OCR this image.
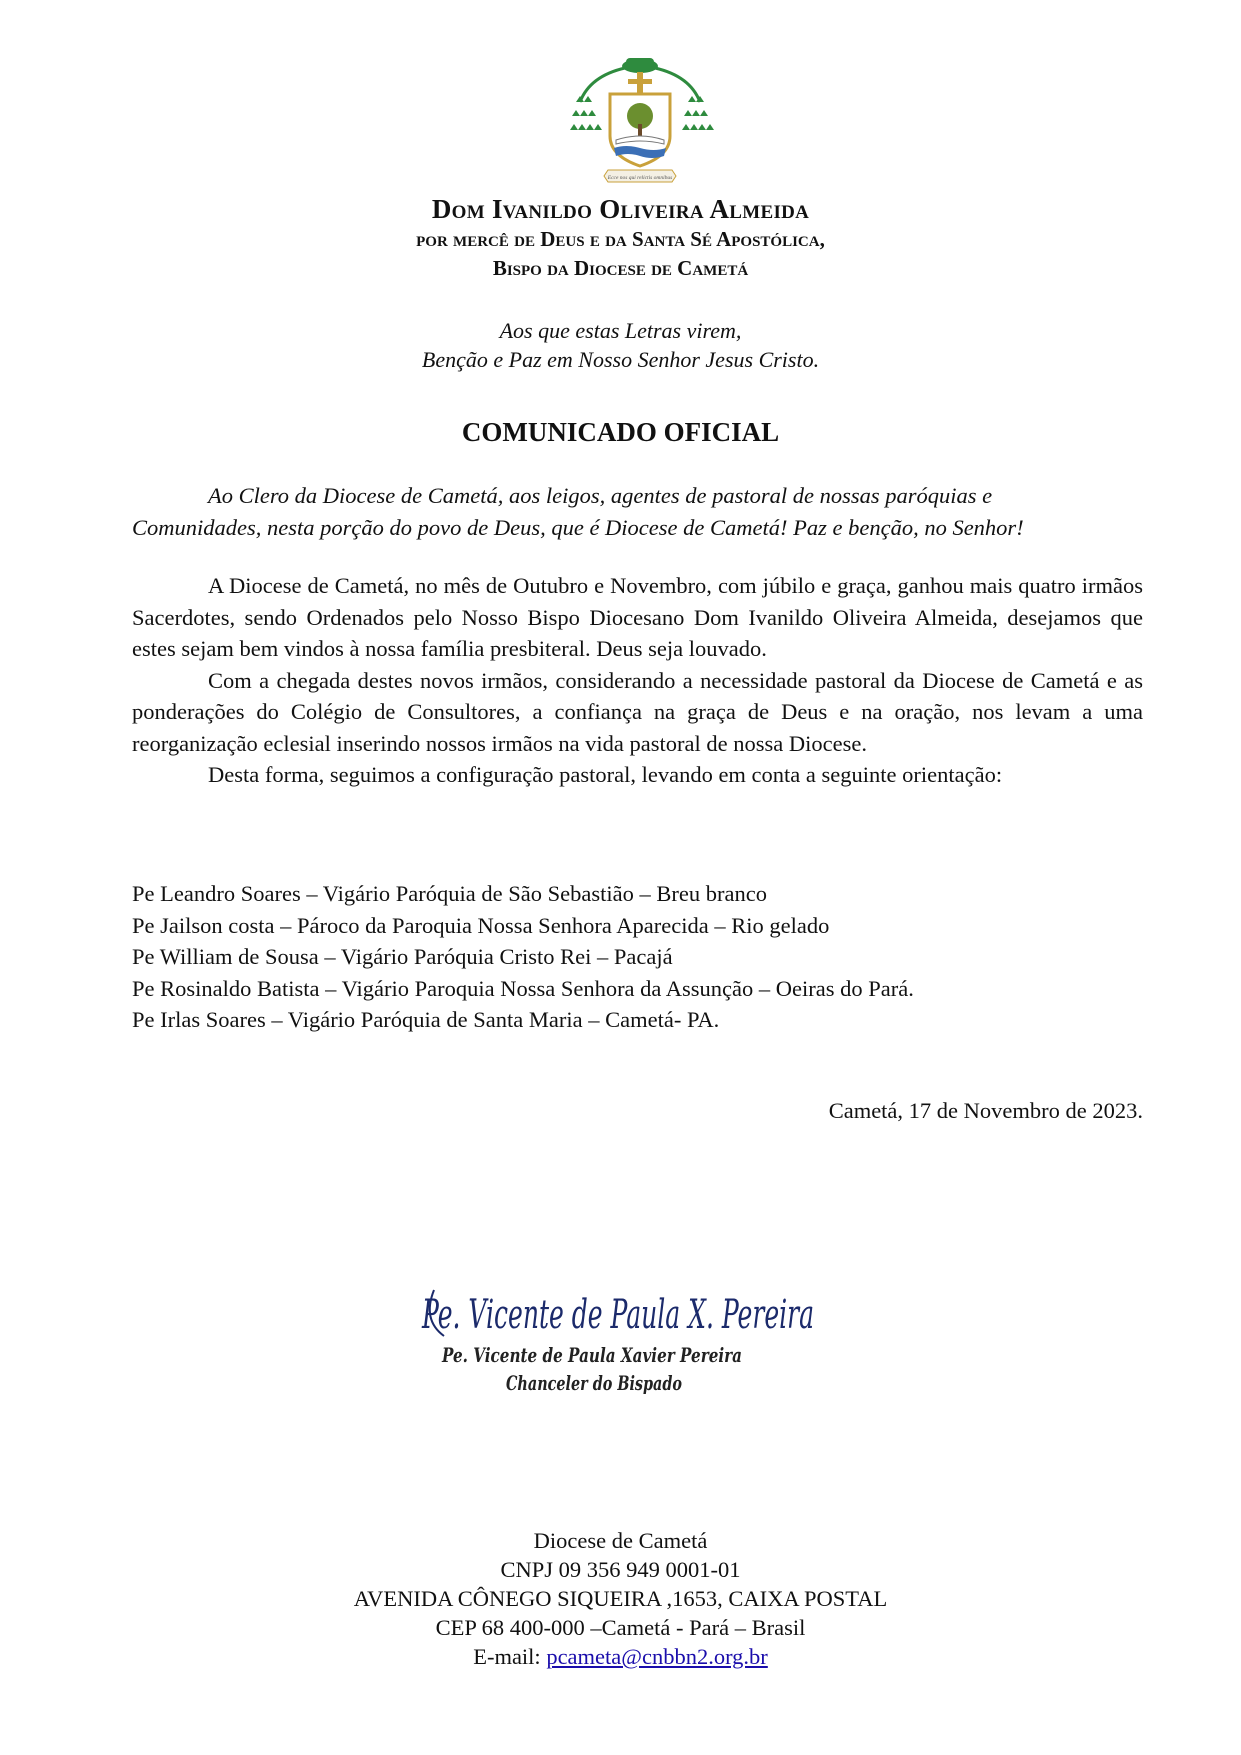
Ecce nos qui relictis omnibus
Dom Ivanildo Oliveira Almeida
por mercê de Deus e da Santa Sé Apostólica,
Bispo da Diocese de Cametá
Aos que estas Letras virem,
Benção e Paz em Nosso Senhor Jesus Cristo.
COMUNICADO OFICIAL
Ao Clero da Diocese de Cametá, aos leigos, agentes de pastoral de nossas paróquias e
Comunidades, nesta porção do povo de Deus, que é Diocese de Cametá! Paz e benção, no Senhor!

A Diocese de Cametá, no mês de Outubro e Novembro, com júbilo e graça, ganhou mais quatro irmãos Sacerdotes, sendo Ordenados pelo Nosso Bispo Diocesano Dom Ivanildo Oliveira Almeida, desejamos que estes sejam bem vindos à nossa família presbiteral. Deus seja louvado.

Com a chegada destes novos irmãos, considerando a necessidade pastoral da Diocese de Cametá e as ponderações do Colégio de Consultores, a confiança na graça de Deus e na oração, nos levam a uma reorganização eclesial inserindo nossos irmãos na vida pastoral de nossa Diocese.

Desta forma, seguimos a configuração pastoral, levando em conta a seguinte orientação:

Pe Leandro Soares – Vigário Paróquia de São Sebastião – Breu branco
Pe Jailson costa – Pároco da Paroquia Nossa Senhora Aparecida – Rio gelado
Pe William de Sousa – Vigário Paróquia Cristo Rei – Pacajá
Pe Rosinaldo Batista – Vigário Paroquia Nossa Senhora da Assunção – Oeiras do Pará.
Pe Irlas Soares – Vigário Paróquia de Santa Maria – Cametá- PA.
Cametá, 17 de Novembro de 2023.
Pe. Vicente de Paula X. Pereira
Pe. Vicente de Paula Xavier Pereira
Chanceler do Bispado
Diocese de Cametá
CNPJ 09 356 949 0001-01
AVENIDA CÔNEGO SIQUEIRA ,1653, CAIXA POSTAL
CEP 68 400-000 –Cametá - Pará – Brasil
E-mail: pcameta@cnbbn2.org.br
